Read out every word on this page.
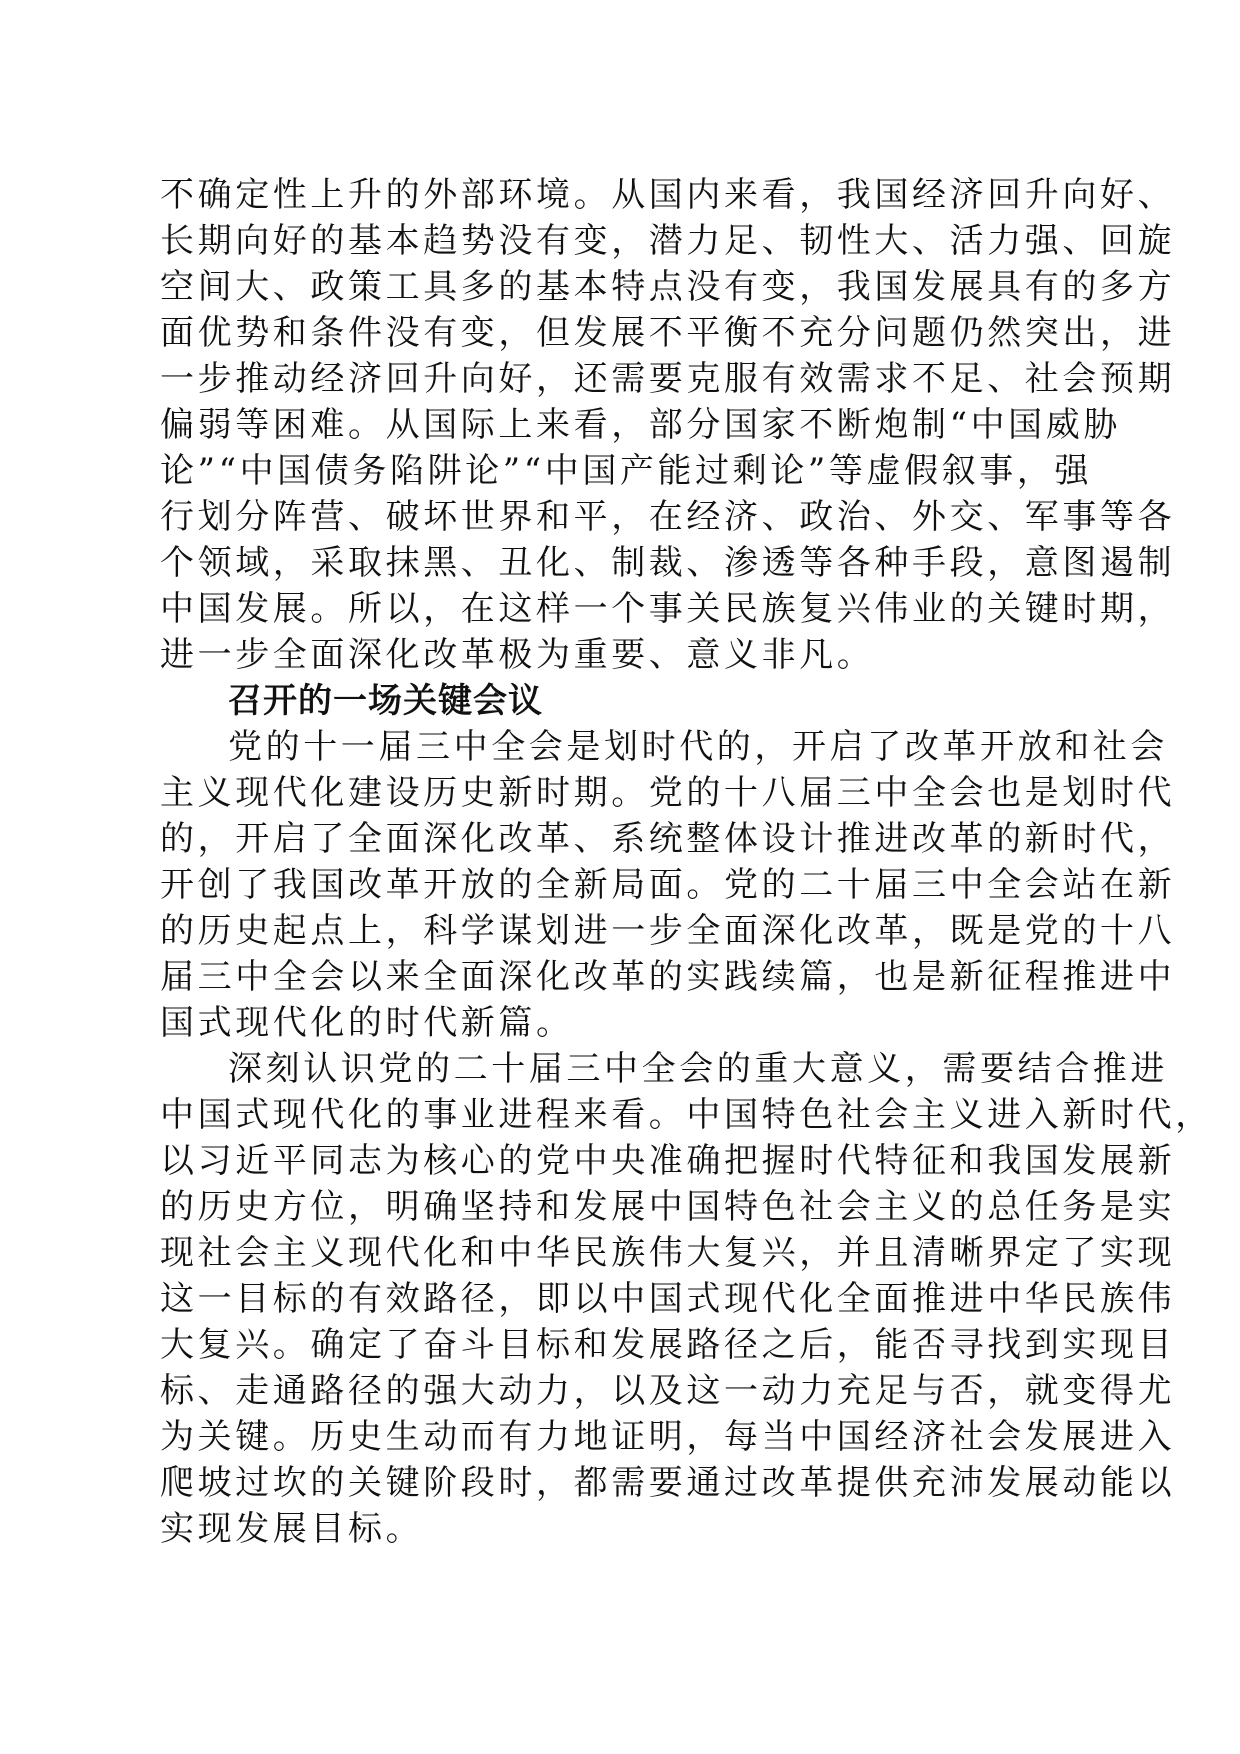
不确定性上升的外部环境。从国内来看，我国经济回升向好、
长期向好的基本趋势没有变，潜力足、韧性大、活力强、回旋
空间大、政策工具多的基本特点没有变，我国发展具有的多方
面优势和条件没有变，但发展不平衡不充分问题仍然突出，进
一步推动经济回升向好，还需要克服有效需求不足、社会预期
偏弱等困难。从国际上来看，部分国家不断炮制“中国威胁
论”“中国债务陷阱论”“中国产能过剩论”等虚假叙事，强
行划分阵营、破坏世界和平，在经济、政治、外交、军事等各
个领域，采取抹黑、丑化、制裁、渗透等各种手段，意图遏制
中国发展。所以，在这样一个事关民族复兴伟业的关键时期，
进一步全面深化改革极为重要、意义非凡。
召开的一场关键会议
党的十一届三中全会是划时代的，开启了改革开放和社会
主义现代化建设历史新时期。党的十八届三中全会也是划时代
的，开启了全面深化改革、系统整体设计推进改革的新时代，
开创了我国改革开放的全新局面。党的二十届三中全会站在新
的历史起点上，科学谋划进一步全面深化改革，既是党的十八
届三中全会以来全面深化改革的实践续篇，也是新征程推进中
国式现代化的时代新篇。
深刻认识党的二十届三中全会的重大意义，需要结合推进
中国式现代化的事业进程来看。中国特色社会主义进入新时代，
以习近平同志为核心的党中央准确把握时代特征和我国发展新
的历史方位，明确坚持和发展中国特色社会主义的总任务是实
现社会主义现代化和中华民族伟大复兴，并且清晰界定了实现
这一目标的有效路径，即以中国式现代化全面推进中华民族伟
大复兴。确定了奋斗目标和发展路径之后，能否寻找到实现目
标、走通路径的强大动力，以及这一动力充足与否，就变得尤
为关键。历史生动而有力地证明，每当中国经济社会发展进入
爬坡过坎的关键阶段时，都需要通过改革提供充沛发展动能以
实现发展目标。
